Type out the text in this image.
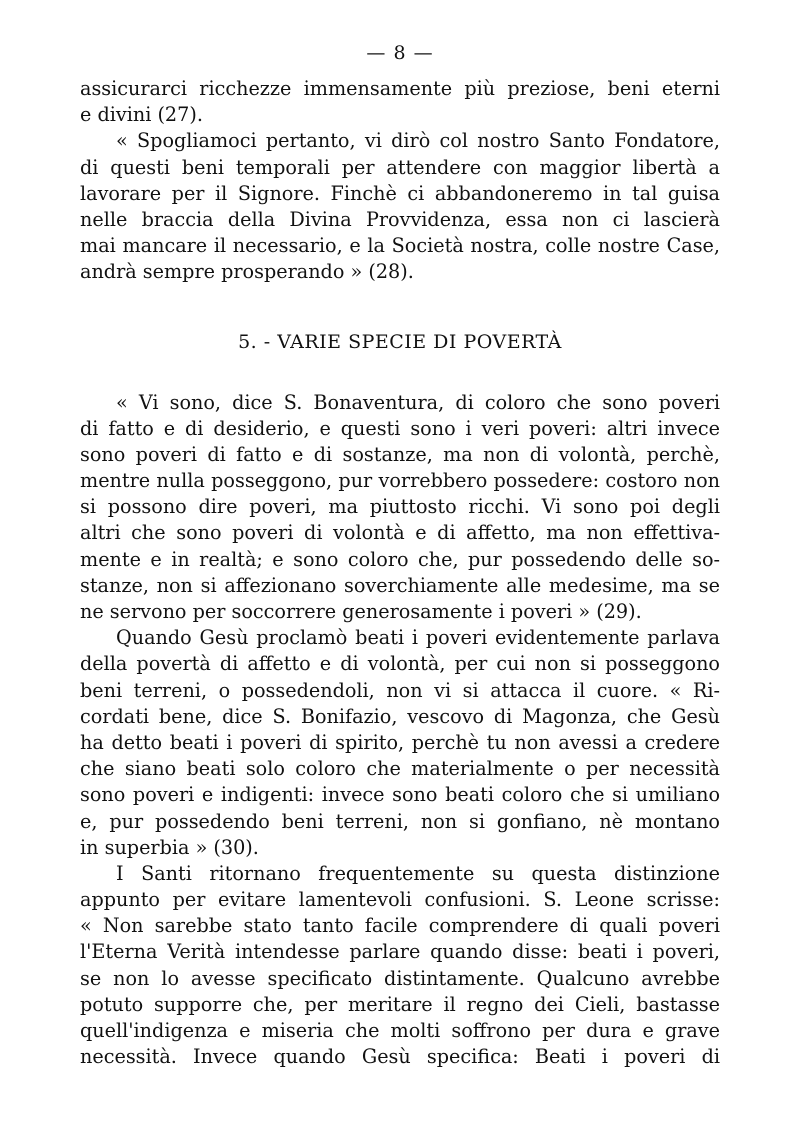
— 8 —
assicurarci ricchezze immensamente più preziose, beni eterni
e divini (27).
« Spogliamoci pertanto, vi dirò col nostro Santo Fondatore,
di questi beni temporali per attendere con maggior libertà a
lavorare per il Signore. Finchè ci abbandoneremo in tal guisa
nelle braccia della Divina Provvidenza, essa non ci lascierà
mai mancare il necessario, e la Società nostra, colle nostre Case,
andrà sempre prosperando » (28).
5. - VARIE SPECIE DI POVERTÀ
« Vi sono, dice S. Bonaventura, di coloro che sono poveri
di fatto e di desiderio, e questi sono i veri poveri: altri invece
sono poveri di fatto e di sostanze, ma non di volontà, perchè,
mentre nulla posseggono, pur vorrebbero possedere: costoro non
si possono dire poveri, ma piuttosto ricchi. Vi sono poi degli
altri che sono poveri di volontà e di affetto, ma non effettiva-
mente e in realtà; e sono coloro che, pur possedendo delle so-
stanze, non si affezionano soverchiamente alle medesime, ma se
ne servono per soccorrere generosamente i poveri » (29).
Quando Gesù proclamò beati i poveri evidentemente parlava
della povertà di affetto e di volontà, per cui non si posseggono
beni terreni, o possedendoli, non vi si attacca il cuore. « Ri-
cordati bene, dice S. Bonifazio, vescovo di Magonza, che Gesù
ha detto beati i poveri di spirito, perchè tu non avessi a credere
che siano beati solo coloro che materialmente o per necessità
sono poveri e indigenti: invece sono beati coloro che si umiliano
e, pur possedendo beni terreni, non si gonfiano, nè montano
in superbia » (30).
I Santi ritornano frequentemente su questa distinzione
appunto per evitare lamentevoli confusioni. S. Leone scrisse:
« Non sarebbe stato tanto facile comprendere di quali poveri
l'Eterna Verità intendesse parlare quando disse: beati i poveri,
se non lo avesse specificato distintamente. Qualcuno avrebbe
potuto supporre che, per meritare il regno dei Cieli, bastasse
quell'indigenza e miseria che molti soffrono per dura e grave
necessità. Invece quando Gesù specifica: Beati i poveri di
